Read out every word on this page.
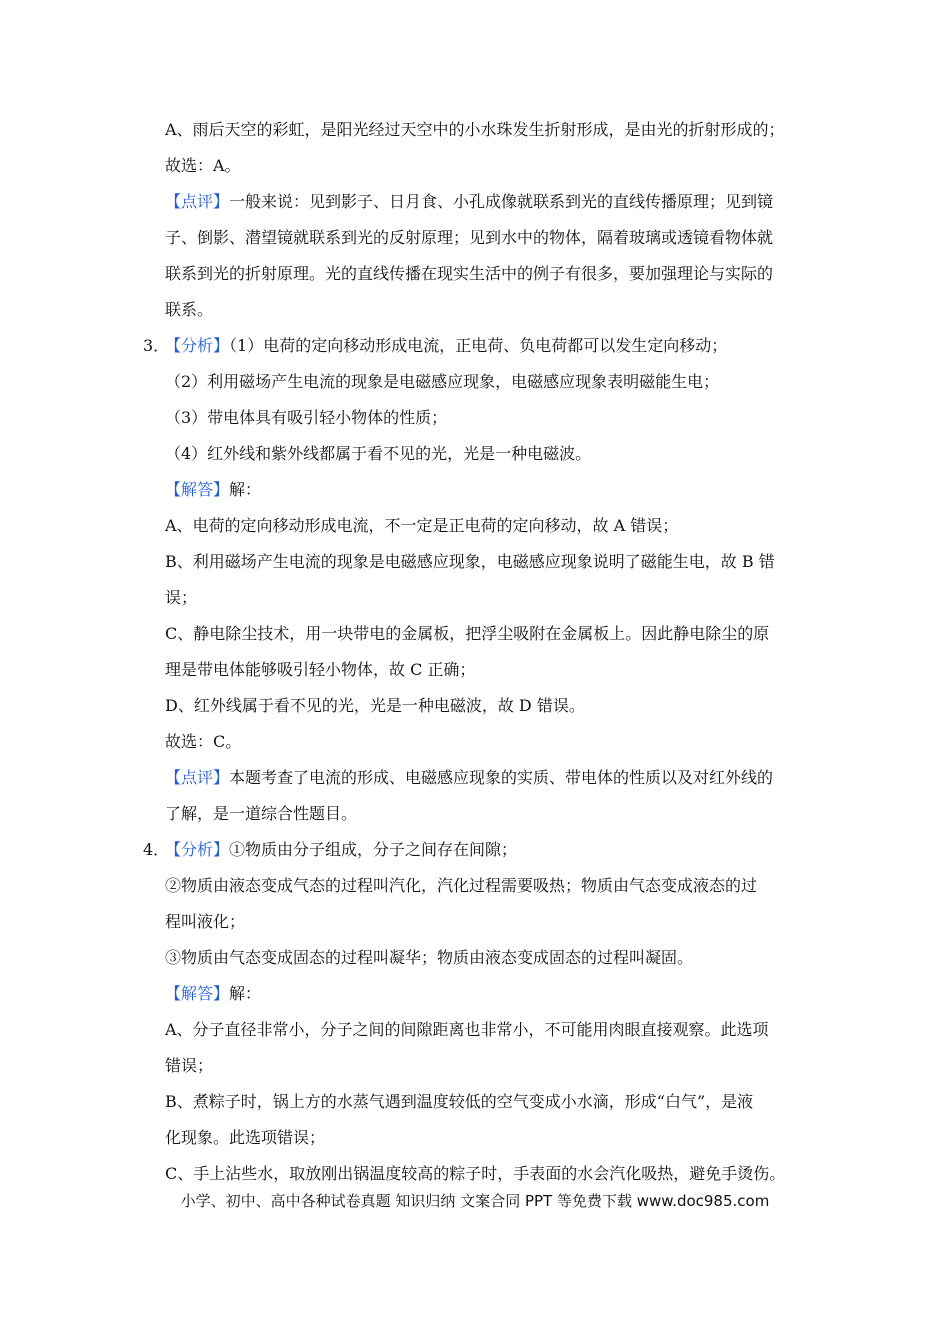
A、雨后天空的彩虹，是阳光经过天空中的小水珠发生折射形成，是由光的折射形成的；
故选：A。
【点评】一般来说：见到影子、日月食、小孔成像就联系到光的直线传播原理；见到镜
子、倒影、潜望镜就联系到光的反射原理；见到水中的物体，隔着玻璃或透镜看物体就
联系到光的折射原理。光的直线传播在现实生活中的例子有很多，要加强理论与实际的
联系。
3．
【分析】（1）电荷的定向移动形成电流，正电荷、负电荷都可以发生定向移动；
（2）利用磁场产生电流的现象是电磁感应现象，电磁感应现象表明磁能生电；
（3）带电体具有吸引轻小物体的性质；
（4）红外线和紫外线都属于看不见的光，光是一种电磁波。
【解答】解：
A、电荷的定向移动形成电流，不一定是正电荷的定向移动，故 A 错误；
B、利用磁场产生电流的现象是电磁感应现象，电磁感应现象说明了磁能生电，故 B 错
误；
C、静电除尘技术，用一块带电的金属板，把浮尘吸附在金属板上。因此静电除尘的原
理是带电体能够吸引轻小物体，故 C 正确；
D、红外线属于看不见的光，光是一种电磁波，故 D 错误。
故选：C。
【点评】本题考查了电流的形成、电磁感应现象的实质、带电体的性质以及对红外线的
了解，是一道综合性题目。
4．
【分析】①物质由分子组成，分子之间存在间隙；
②物质由液态变成气态的过程叫汽化，汽化过程需要吸热；物质由气态变成液态的过
程叫液化；
③物质由气态变成固态的过程叫凝华；物质由液态变成固态的过程叫凝固。
【解答】解：
A、分子直径非常小，分子之间的间隙距离也非常小，不可能用肉眼直接观察。此选项
错误；
B、煮粽子时，锅上方的水蒸气遇到温度较低的空气变成小水滴，形成“白气”，是液
化现象。此选项错误；
C、手上沾些水，取放刚出锅温度较高的粽子时，手表面的水会汽化吸热，避免手烫伤。
小学、初中、高中各种试卷真题 知识归纳 文案合同 PPT 等免费下载 www.doc985.com
